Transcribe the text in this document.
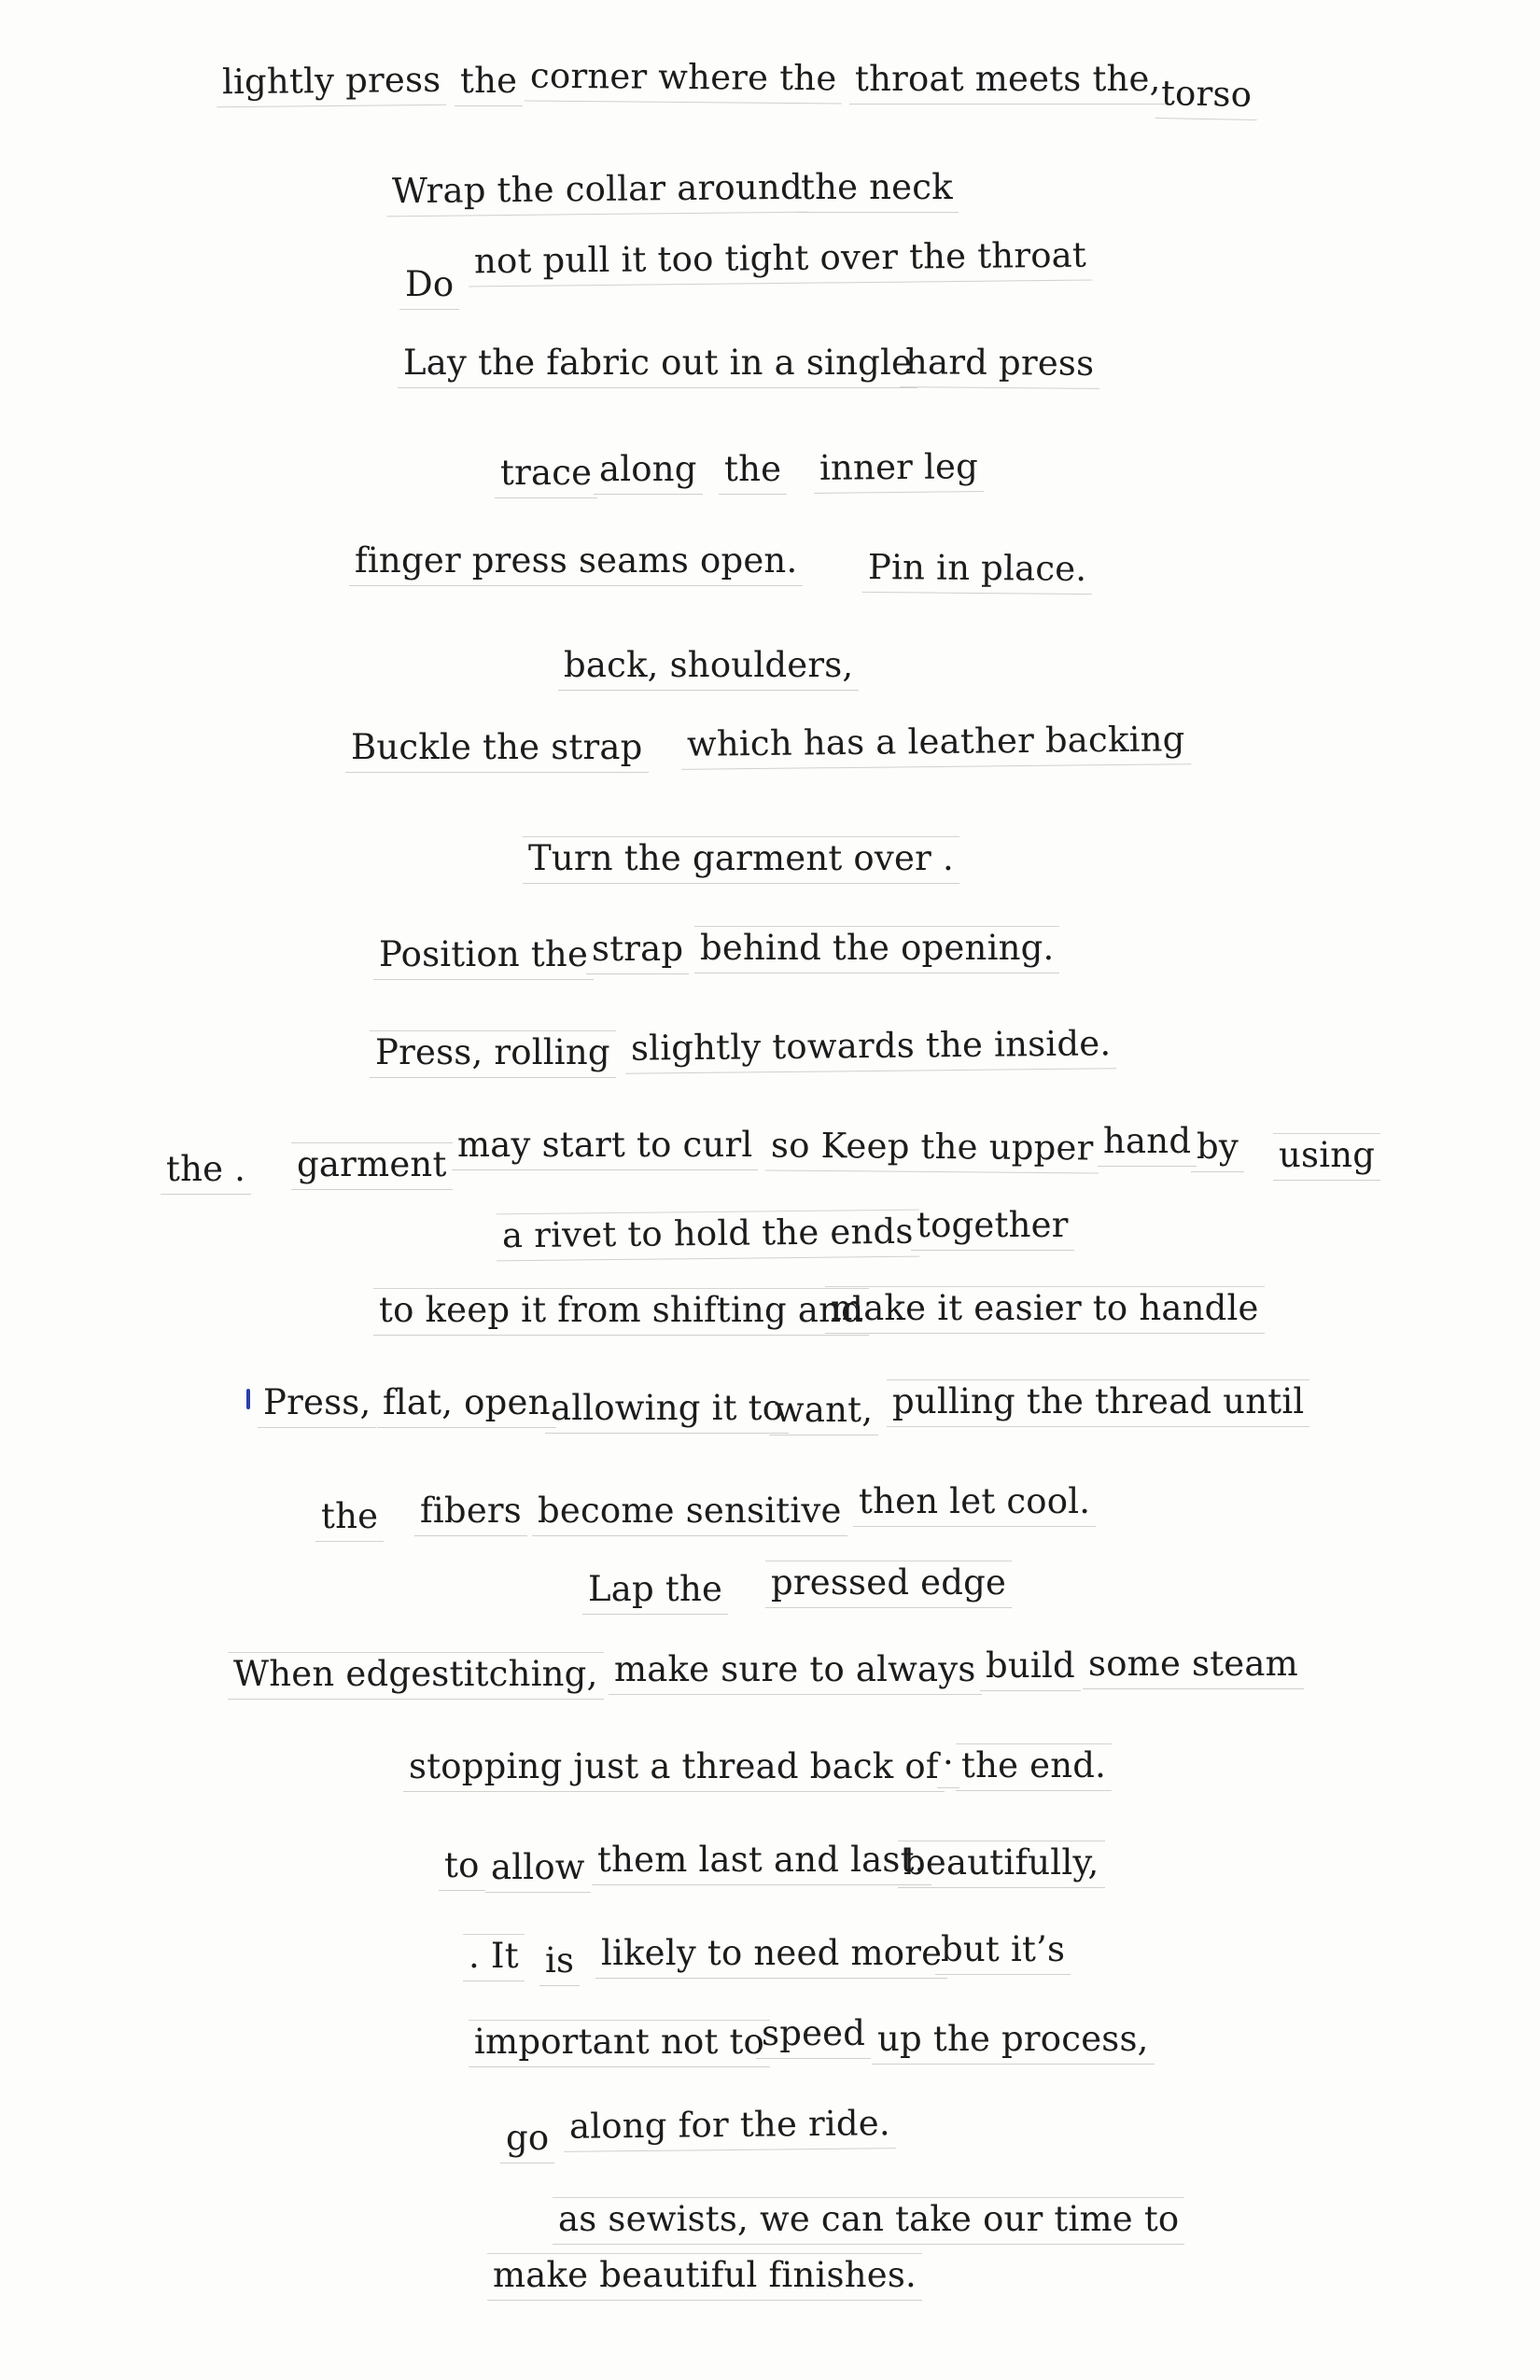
lightly press the corner where the throat meets the, torso
Wrap the collar around
the neck
Do
not pull it too tight over the throat
Lay the fabric out in a single
hard press
trace along the inner leg
finger press seams open. Pin in place.
back, shoulders,
Buckle the strap which has a leather backing
Turn the garment over .
Position the strap behind the opening.
Press, rolling slightly towards the inside.
the . garment may start to curl so Keep the upper hand by using
a rivet to hold the ends together
to keep it from shifting and
make it easier to handle
Press, flat, open allowing it to
want, pulling the thread until
the fibers become sensitive then let cool.
Lap the pressed edge
When edgestitching, make sure to always build some steam
stopping just a thread back of · the end.
to allow them last and last.
beautifully,
. It is likely to need more
but it’s
important not to
speed up the process,
go along for the ride.
as sewists, we can take our time to
make beautiful finishes.
